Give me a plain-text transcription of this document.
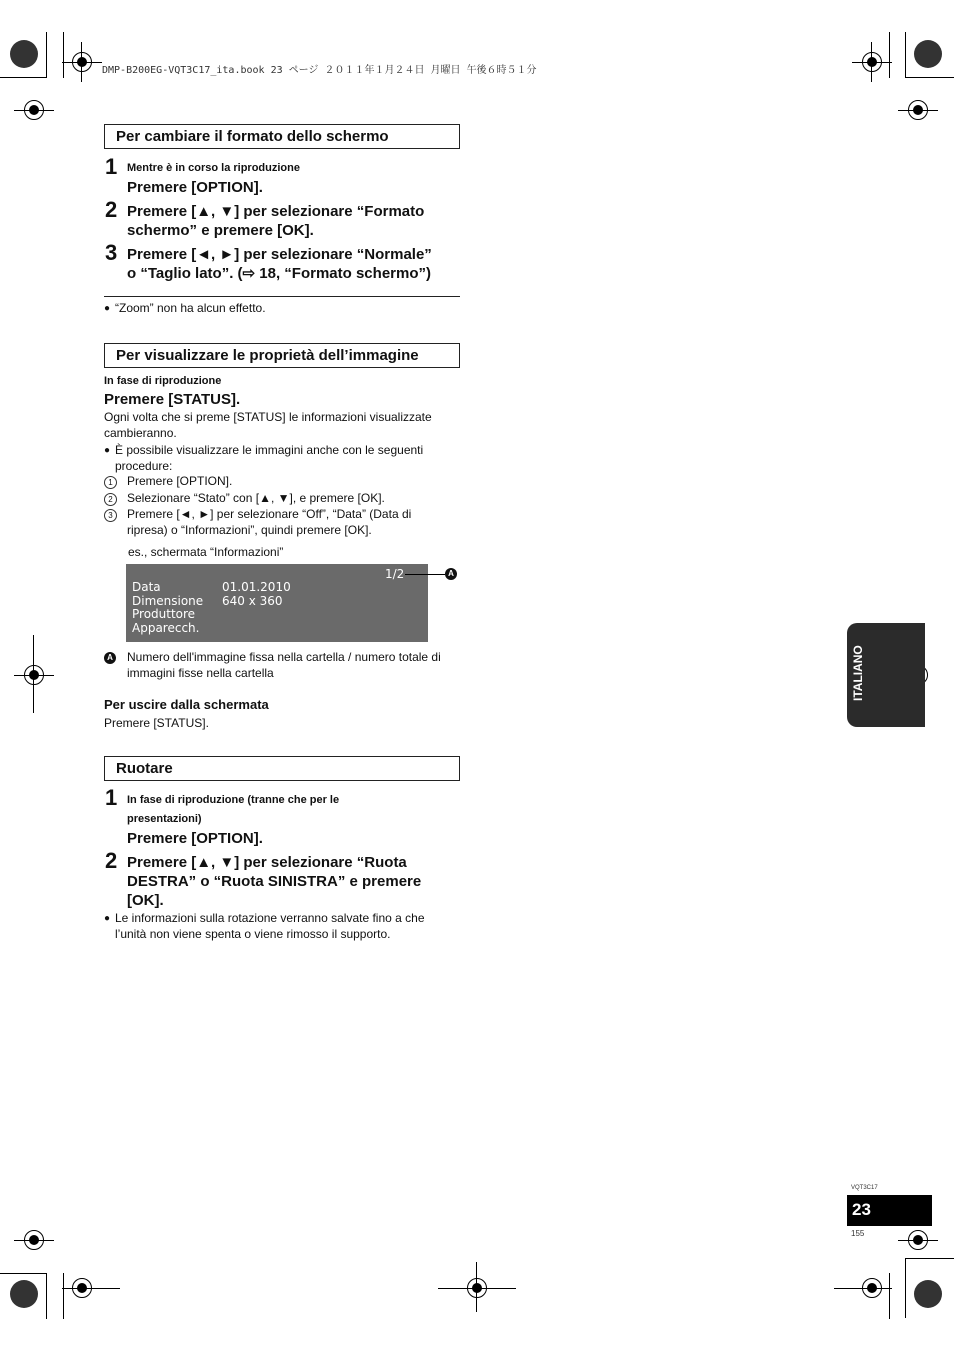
DMP-B200EG-VQT3C17_ita.book 23 ページ ２０１１年１月２４日 月曜日 午後６時５１分
Per cambiare il formato dello schermo
1 Mentre è in corso la riproduzione
Premere [OPTION].
2 Premere [▲, ▼] per selezionare “Formato
schermo” e premere [OK].
3 Premere [◄, ►] per selezionare “Normale”
o “Taglio lato”. (⇨ 18, “Formato schermo”)
● “Zoom” non ha alcun effetto.
Per visualizzare le proprietà dell’immagine
In fase di riproduzione
Premere [STATUS].
Ogni volta che si preme [STATUS] le informazioni visualizzate
cambieranno.
● È possibile visualizzare le immagini anche con le seguenti
procedure:
1	Premere [OPTION].
2	Selezionare “Stato” con [▲, ▼], e premere [OK].
3	Premere [◄, ►] per selezionare “Off”, “Data” (Data di
ripresa) o “Informazioni”, quindi premere [OK].
es., schermata “Informazioni”
1/2
Data	01.01.2010
Dimensione 640 x 360
Produttore
Apparecch.
A
A Numero dell'immagine fissa nella cartella / numero totale di
immagini fisse nella cartella
Per uscire dalla schermata
Premere [STATUS].
Ruotare
1 In fase di riproduzione (tranne che per le
presentazioni)
Premere [OPTION].
2 Premere [▲, ▼] per selezionare “Ruota
DESTRA” o “Ruota SINISTRA” e premere
[OK].
● Le informazioni sulla rotazione verranno salvate fino a che
l’unità non viene spenta o viene rimosso il supporto.
ITALIANO
VQT3C17
23
155
